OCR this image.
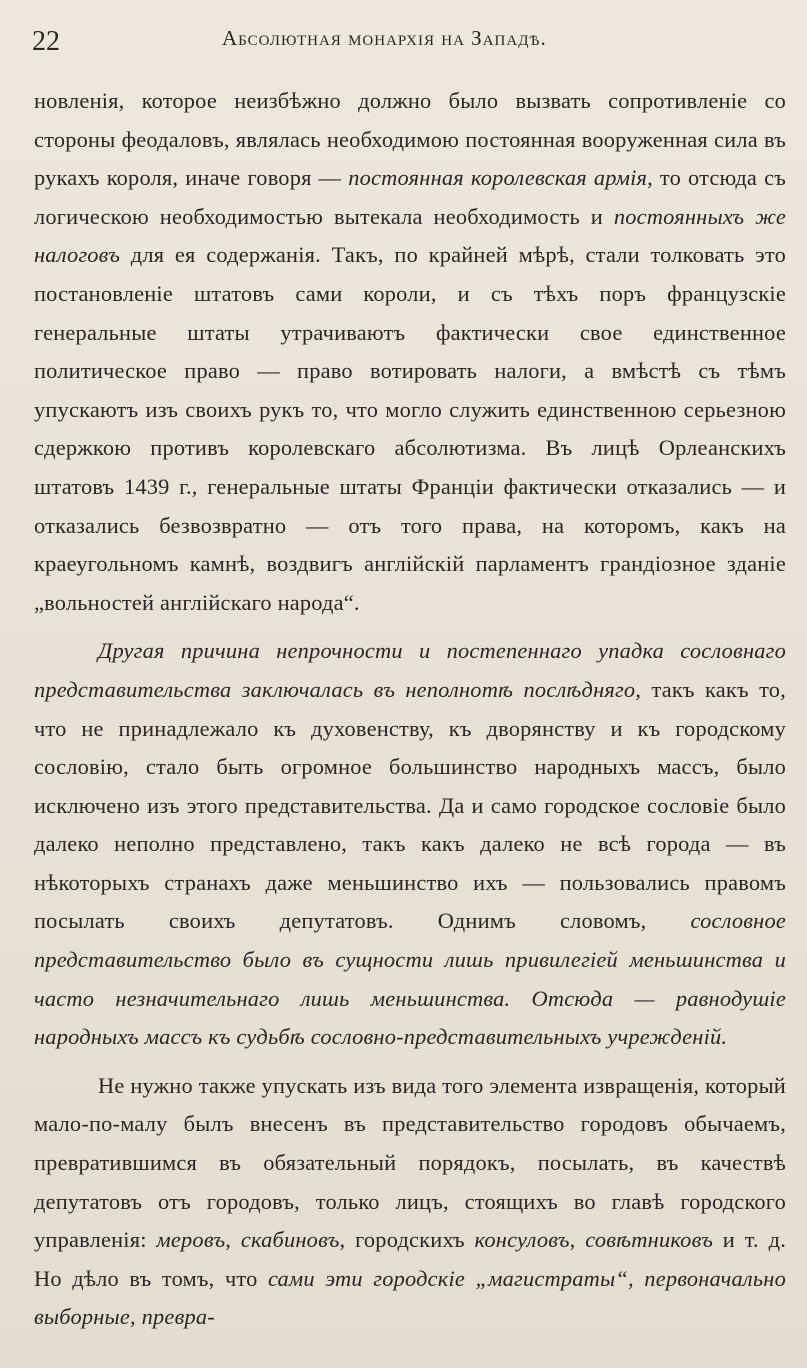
22	Абсолютная монархія на Западѣ.

новленія, которое неизбѣжно должно было вызвать сопротивленіе со стороны феодаловъ, являлась необходимою постоянная вооруженная сила въ рукахъ короля, иначе говоря — постоянная королевская армія, то отсюда съ логическою необходимостью вытекала необходимость и постоянныхъ же налоговъ для ея содержанія. Такъ, по крайней мѣрѣ, стали толковать это постановленіе штатовъ сами короли, и съ тѣхъ поръ французскіе генеральные штаты утрачиваютъ фактически свое единственное политическое право — право вотировать налоги, а вмѣстѣ съ тѣмъ упускаютъ изъ своихъ рукъ то, что могло служить единственною серьезною сдержкою противъ королевскаго абсолютизма. Въ лицѣ Орлеанскихъ штатовъ 1439 г., генеральные штаты Франціи фактически отказались — и отказались безвозвратно — отъ того права, на которомъ, какъ на краеугольномъ камнѣ, воздвигъ англійскій парламентъ грандіозное зданіе „вольностей англійскаго народа“.

Другая причина непрочности и постепеннаго упадка сословнаго представительства заключалась въ неполнотѣ послѣдняго, такъ какъ то, что не принадлежало къ духовенству, къ дворянству и къ городскому сословію, стало быть огромное большинство народныхъ массъ, было исключено изъ этого представительства. Да и само городское сословіе было далеко неполно представлено, такъ какъ далеко не всѣ города — въ нѣкоторыхъ странахъ даже меньшинство ихъ — пользовались правомъ посылать своихъ депутатовъ. Однимъ словомъ, сословное представительство было въ сущности лишь привилегіей меньшинства и часто незначительнаго лишь меньшинства. Отсюда — равнодушіе народныхъ массъ къ судьбѣ сословно-представительныхъ учрежденій.

Не нужно также упускать изъ вида того элемента извращенія, который мало-по-малу былъ внесенъ въ представительство городовъ обычаемъ, превратившимся въ обязательный порядокъ, посылать, въ качествѣ депутатовъ отъ городовъ, только лицъ, стоящихъ во главѣ городского управленія: меровъ, скабиновъ, городскихъ консуловъ, совѣтниковъ и т. д. Но дѣло въ томъ, что сами эти городскіе „магистраты“, первоначально выборные, превра-
